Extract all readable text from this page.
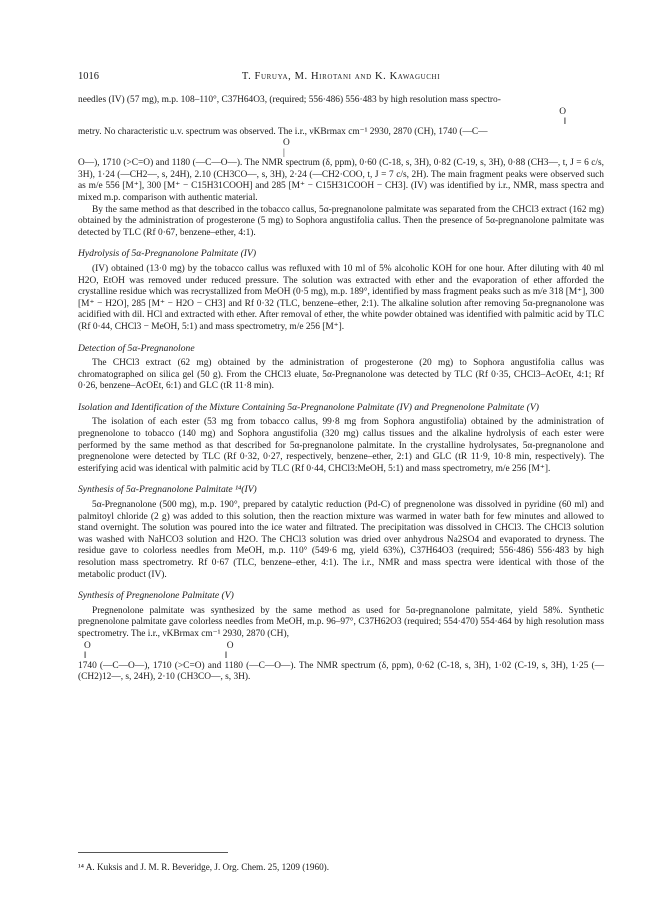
1016	T. Furuya, M. Hirotani and K. Kawaguchi

needles (IV) (57 mg), m.p. 108–110°, C37H64O3, (required; 556·486) 556·483 by high resolution mass spectro-

O
‖

metry. No characteristic u.v. spectrum was observed. The i.r., νKBrmax cm⁻¹ 2930, 2870 (CH), 1740 (—C—

O
|

O—), 1710 (>C=O) and 1180 (—C—O—). The NMR spectrum (δ, ppm), 0·60 (C-18, s, 3H), 0·82 (C-19, s, 3H), 0·88 (CH3—, t, J = 6 c/s, 3H), 1·24 (—CH2—, s, 24H), 2.10 (CH3CO—, s, 3H), 2·24 (—CH2·COO, t, J = 7 c/s, 2H). The main fragment peaks were observed such as m/e 556 [M⁺], 300 [M⁺ − C15H31COOH] and 285 [M⁺ − C15H31COOH − CH3]. (IV) was identified by i.r., NMR, mass spectra and mixed m.p. comparison with authentic material.

By the same method as that described in the tobacco callus, 5α-pregnanolone palmitate was separated from the CHCl3 extract (162 mg) obtained by the administration of progesterone (5 mg) to Sophora angustifolia callus. Then the presence of 5α-pregnanolone palmitate was detected by TLC (Rf 0·67, benzene–ether, 4:1).

Hydrolysis of 5α-Pregnanolone Palmitate (IV)

(IV) obtained (13·0 mg) by the tobacco callus was refluxed with 10 ml of 5% alcoholic KOH for one hour. After diluting with 40 ml H2O, EtOH was removed under reduced pressure. The solution was extracted with ether and the evaporation of ether afforded the crystalline residue which was recrystallized from MeOH (0·5 mg), m.p. 189°, identified by mass fragment peaks such as m/e 318 [M⁺], 300 [M⁺ − H2O], 285 [M⁺ − H2O − CH3] and Rf 0·32 (TLC, benzene–ether, 2:1). The alkaline solution after removing 5α-pregnanolone was acidified with dil. HCl and extracted with ether. After removal of ether, the white powder obtained was identified with palmitic acid by TLC (Rf 0·44, CHCl3 − MeOH, 5:1) and mass spectrometry, m/e 256 [M⁺].

Detection of 5α-Pregnanolone

The CHCl3 extract (62 mg) obtained by the administration of progesterone (20 mg) to Sophora angustifolia callus was chromatographed on silica gel (50 g). From the CHCl3 eluate, 5α-Pregnanolone was detected by TLC (Rf 0·35, CHCl3–AcOEt, 4:1; Rf 0·26, benzene–AcOEt, 6:1) and GLC (tR 11·8 min).

Isolation and Identification of the Mixture Containing 5α-Pregnanolone Palmitate (IV) and Pregnenolone Palmitate (V)

The isolation of each ester (53 mg from tobacco callus, 99·8 mg from Sophora angustifolia) obtained by the administration of pregnenolone to tobacco (140 mg) and Sophora angustifolia (320 mg) callus tissues and the alkaline hydrolysis of each ester were performed by the same method as that described for 5α-pregnanolone palmitate. In the crystalline hydrolysates, 5α-pregnanolone and pregnenolone were detected by TLC (Rf 0·32, 0·27, respectively, benzene–ether, 2:1) and GLC (tR 11·9, 10·8 min, respectively). The esterifying acid was identical with palmitic acid by TLC (Rf 0·44, CHCl3:MeOH, 5:1) and mass spectrometry, m/e 256 [M⁺].

Synthesis of 5α-Pregnanolone Palmitate ¹⁴(IV)

5α-Pregnanolone (500 mg), m.p. 190°, prepared by catalytic reduction (Pd-C) of pregnenolone was dissolved in pyridine (60 ml) and palmitoyl chloride (2 g) was added to this solution, then the reaction mixture was warmed in water bath for few minutes and allowed to stand overnight. The solution was poured into the ice water and filtrated. The precipitation was dissolved in CHCl3. The CHCl3 solution was washed with NaHCO3 solution and H2O. The CHCl3 solution was dried over anhydrous Na2SO4 and evaporated to dryness. The residue gave to colorless needles from MeOH, m.p. 110° (549·6 mg, yield 63%), C37H64O3 (required; 556·486) 556·483 by high resolution mass spectrometry. Rf 0·67 (TLC, benzene–ether, 4:1). The i.r., NMR and mass spectra were identical with those of the metabolic product (IV).

Synthesis of Pregnenolone Palmitate (V)

Pregnenolone palmitate was synthesized by the same method as used for 5α-pregnanolone palmitate, yield 58%. Synthetic pregnenolone palmitate gave colorless needles from MeOH, m.p. 96–97°, C37H62O3 (required; 554·470) 554·464 by high resolution mass spectrometry. The i.r., νKBrmax cm⁻¹ 2930, 2870 (CH),

O                                                          O
‖                                                           ‖

1740 (—C—O—), 1710 (>C=O) and 1180 (—C—O—). The NMR spectrum (δ, ppm), 0·62 (C-18, s, 3H), 1·02 (C-19, s, 3H), 1·25 (—(CH2)12—, s, 24H), 2·10 (CH3CO—, s, 3H).

¹⁴ A. Kuksis and J. M. R. Beveridge, J. Org. Chem. 25, 1209 (1960).
